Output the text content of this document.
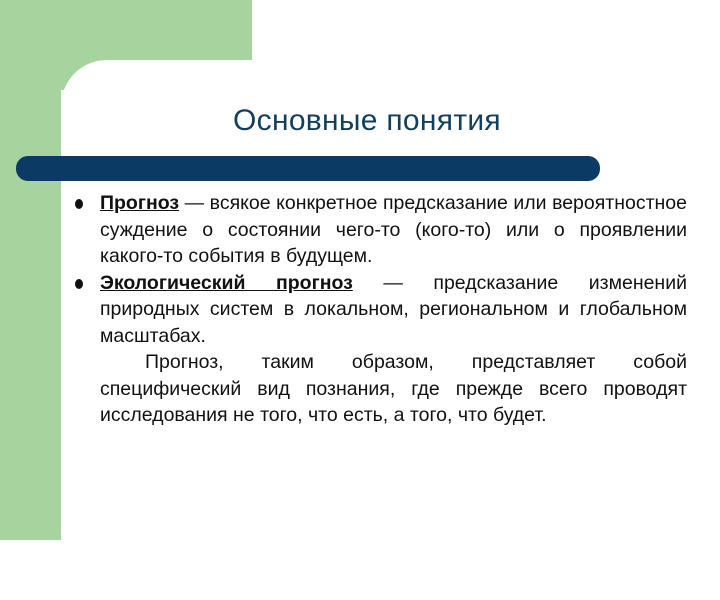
Основные понятия
Прогноз — всякое конкретное предсказание или вероятностное суждение о состоянии чего-то (кого-то) или о проявлении какого-то события в будущем.
Экологический прогноз — предсказание изменений природных систем в локальном, региональном и глобальном масштабах.
Прогноз, таким образом, представляет собой специфический вид познания, где прежде всего проводят исследования не того, что есть, а того, что будет.
